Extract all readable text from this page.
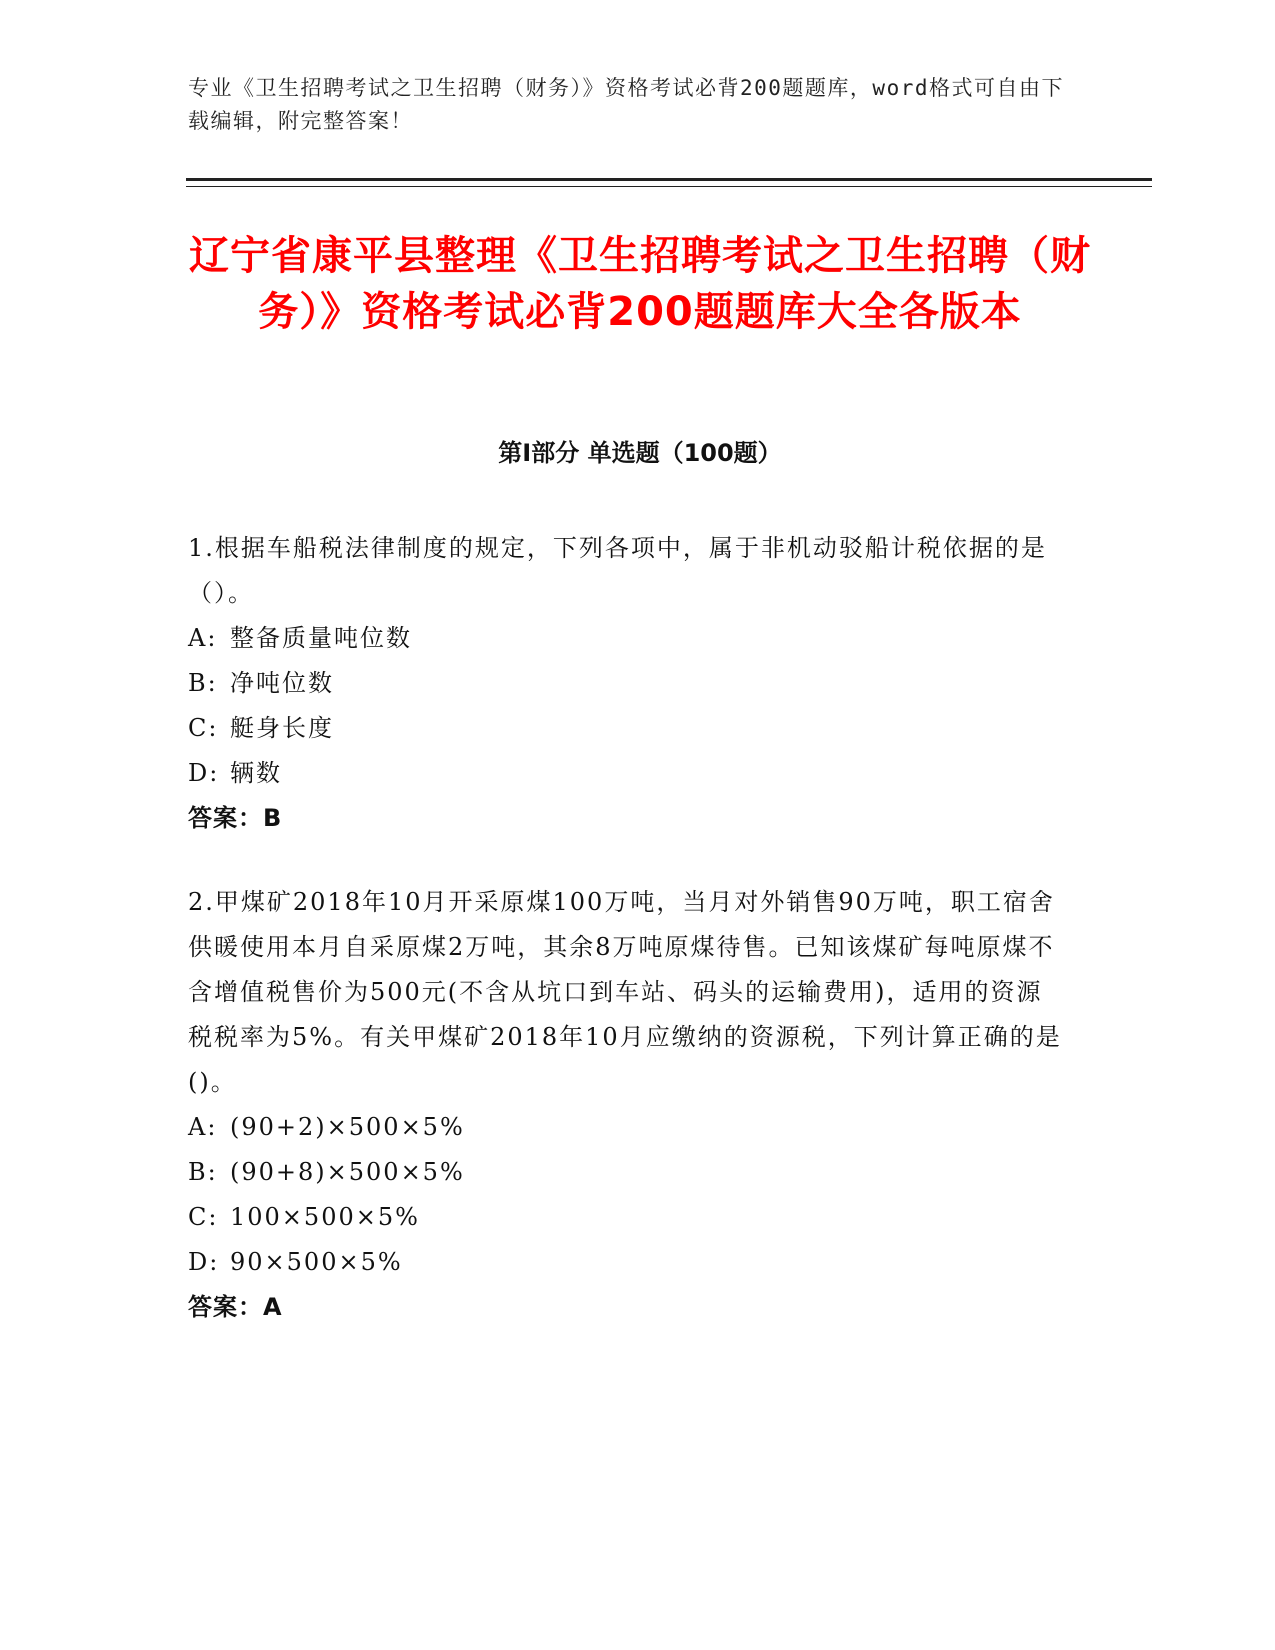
专业《卫生招聘考试之卫生招聘（财务）》资格考试必背200题题库，word格式可自由下载编辑，附完整答案！
辽宁省康平县整理《卫生招聘考试之卫生招聘（财务）》资格考试必背200题题库大全各版本
第I部分 单选题（100题）

1.根据车船税法律制度的规定，下列各项中，属于非机动驳船计税依据的是（）。

A: 整备质量吨位数

B: 净吨位数

C: 艇身长度

D: 辆数

答案：B

2.甲煤矿2018年10月开采原煤100万吨，当月对外销售90万吨，职工宿舍供暖使用本月自采原煤2万吨，其余8万吨原煤待售。已知该煤矿每吨原煤不含增值税售价为500元(不含从坑口到车站、码头的运输费用)，适用的资源税税率为5%。有关甲煤矿2018年10月应缴纳的资源税，下列计算正确的是()。

A: (90+2)×500×5%

B: (90+8)×500×5%

C: 100×500×5%

D: 90×500×5%

答案：A
